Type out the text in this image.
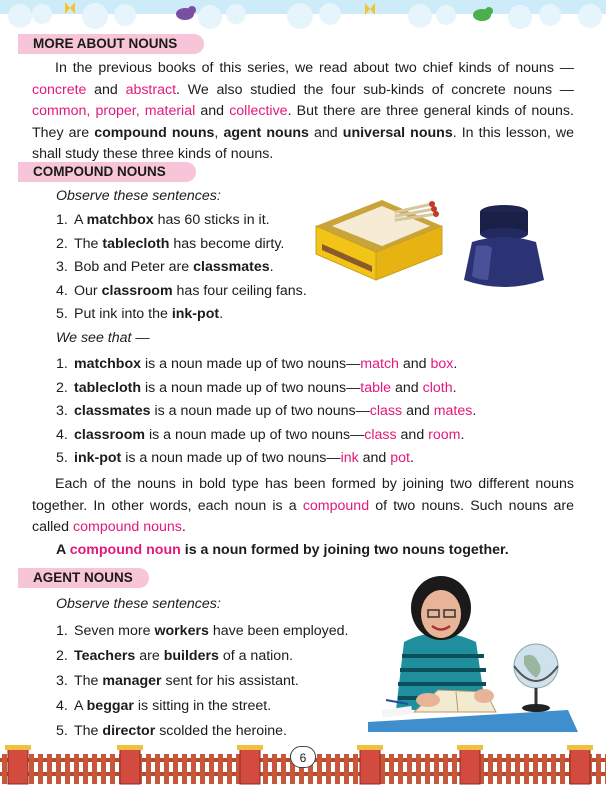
MORE ABOUT NOUNS

In the previous books of this series, we read about two chief kinds of nouns — concrete and abstract. We also studied the four sub-kinds of concrete nouns — common, proper, material and collective. But there are three general kinds of nouns. They are compound nouns, agent nouns and universal nouns. In this lesson, we shall study these three kinds of nouns.

COMPOUND NOUNS

Observe these sentences:

1. A matchbox has 60 sticks in it.
2. The tablecloth has become dirty.
3. Bob and Peter are classmates.
4. Our classroom has four ceiling fans.
5. Put ink into the ink-pot.

We see that —

1. matchbox is a noun made up of two nouns—match and box.
2. tablecloth is a noun made up of two nouns—table and cloth.
3. classmates is a noun made up of two nouns—class and mates.
4. classroom is a noun made up of two nouns—class and room.
5. ink-pot is a noun made up of two nouns—ink and pot.

Each of the nouns in bold type has been formed by joining two different nouns together. In other words, each noun is a compound of two nouns. Such nouns are called compound nouns.

A compound noun is a noun formed by joining two nouns together.

AGENT NOUNS

Observe these sentences:

1. Seven more workers have been employed.
2. Teachers are builders of a nation.
3. The manager sent for his assistant.
4. A beggar is sitting in the street.
5. The director scolded the heroine.
6
